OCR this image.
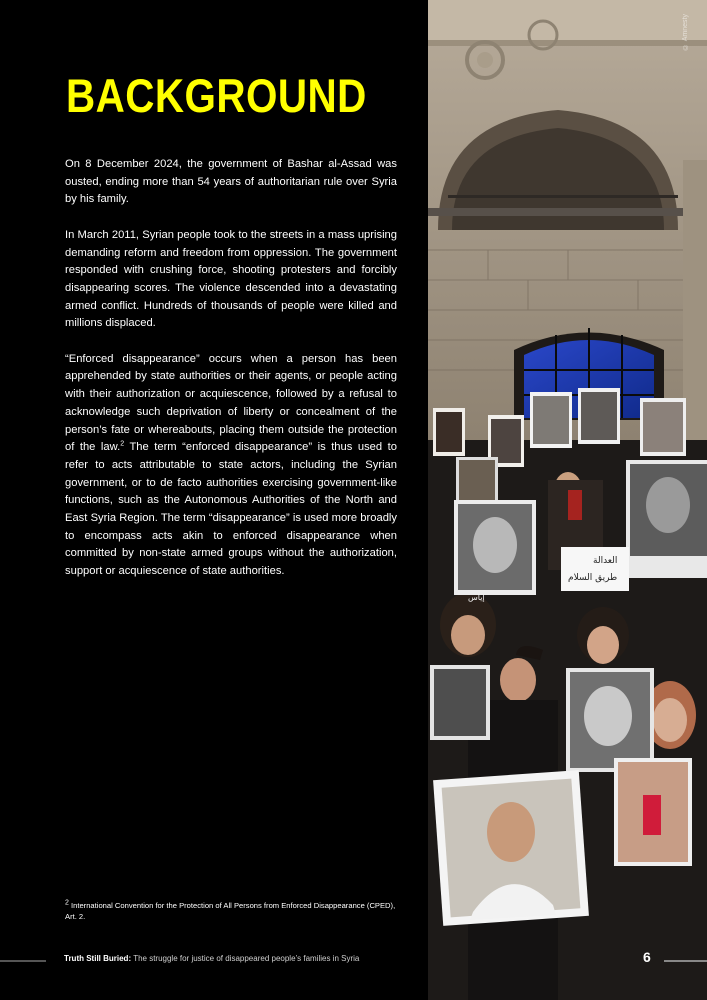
العدالة
طريق السلام
إياس
© Amnesty
BACKGROUND

On 8 December 2024, the government of Bashar al-Assad was ousted, ending more than 54 years of authoritarian rule over Syria by his family.

In March 2011, Syrian people took to the streets in a mass uprising demanding reform and freedom from oppression. The government responded with crushing force, shooting protesters and forcibly disappearing scores. The violence descended into a devastating armed conflict. Hundreds of thousands of people were killed and millions displaced.

“Enforced disappearance” occurs when a person has been apprehended by state authorities or their agents, or people acting with their authorization or acquiescence, followed by a refusal to acknowledge such deprivation of liberty or concealment of the person’s fate or whereabouts, placing them outside the protection of the law.$^2$ The term “enforced disappearance” is thus used to refer to acts attributable to state actors, including the Syrian government, or to de facto authorities exercising government-like functions, such as the Autonomous Authorities of the North and East Syria Region. The term “disappearance” is used more broadly to encompass acts akin to enforced disappearance when committed by non-state armed groups without the authorization, support or acquiescence of state authorities.

$^2$ International Convention for the Protection of All Persons from Enforced Disappearance (CPED), Art. 2.
Truth Still Buried: The struggle for justice of disappeared people’s families in Syria	6
